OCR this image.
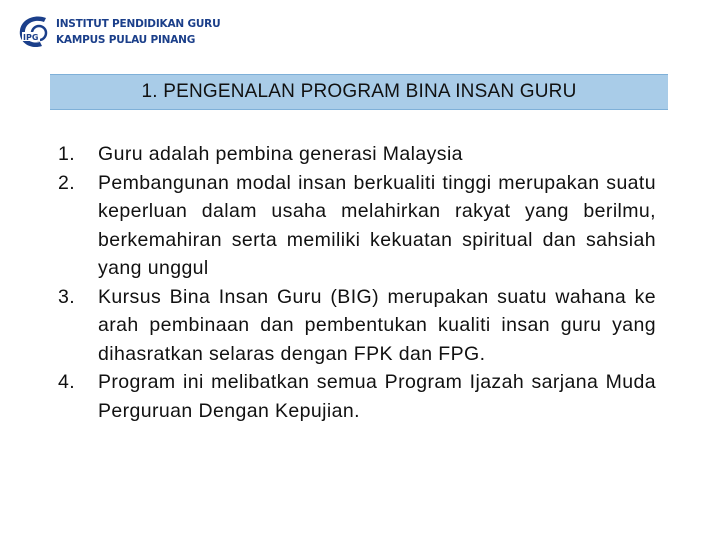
IPG
INSTITUT PENDIDIKAN GURU
KAMPUS PULAU PINANG
1. PENGENALAN PROGRAM BINA INSAN GURU
1.	Guru adalah pembina generasi Malaysia
2.	Pembangunan modal insan berkualiti tinggi merupakan suatu keperluan dalam usaha melahirkan rakyat yang berilmu, berkemahiran serta memiliki kekuatan spiritual dan sahsiah yang unggul
3.	Kursus Bina Insan Guru (BIG) merupakan suatu wahana ke arah pembinaan dan pembentukan kualiti insan guru yang dihasratkan selaras dengan FPK dan FPG.
4.	Program ini melibatkan semua Program Ijazah sarjana Muda Perguruan Dengan Kepujian.
